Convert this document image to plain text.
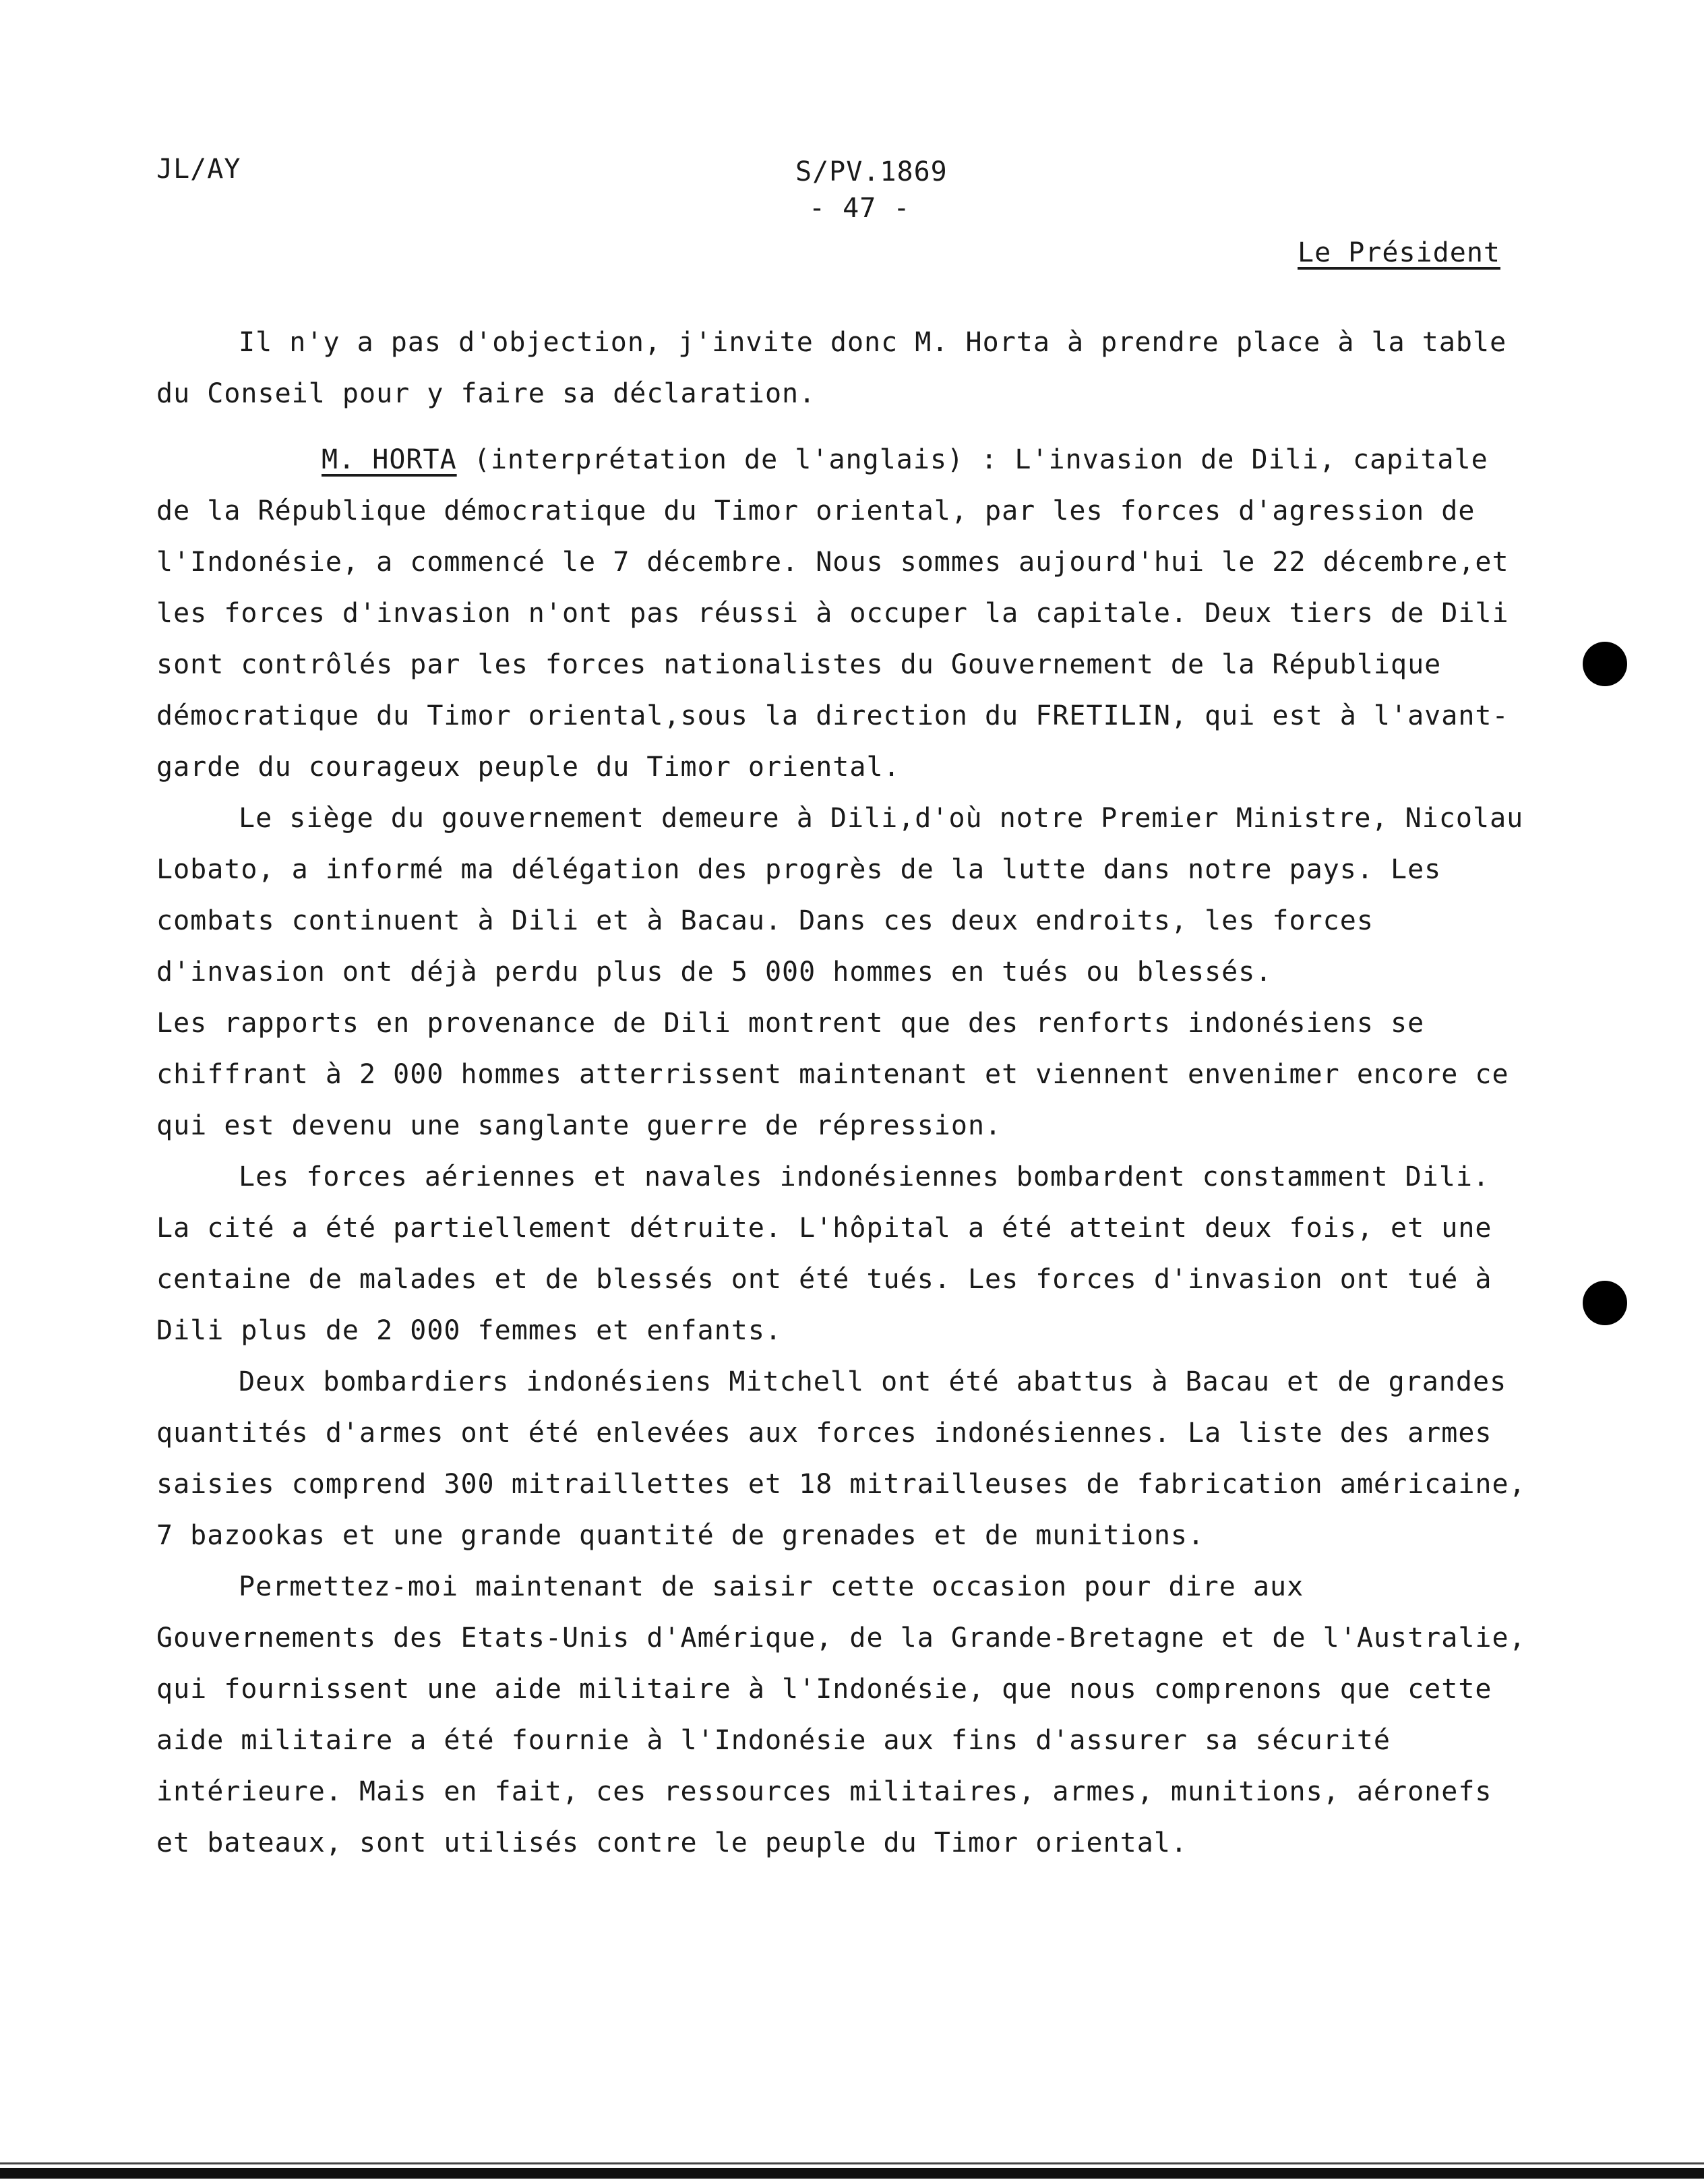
JL/AY	S/PV.1869
- 47 -
Le Président

Il n'y a pas d'objection, j'invite donc M. Horta à prendre place à la table du Conseil pour y faire sa déclaration.

M. HORTA (interprétation de l'anglais) : L'invasion de Dili, capitale de la République démocratique du Timor oriental, par les forces d'agression de l'Indonésie, a commencé le 7 décembre. Nous sommes aujourd'hui le 22 décembre,et les forces d'invasion n'ont pas réussi à occuper la capitale. Deux tiers de Dili sont contrôlés par les forces nationalistes du Gouvernement de la République démocratique du Timor oriental,sous la direction du FRETILIN, qui est à l'avant-garde du courageux peuple du Timor oriental.

Le siège du gouvernement demeure à Dili,d'où notre Premier Ministre, Nicolau Lobato, a informé ma délégation des progrès de la lutte dans notre pays. Les combats continuent à Dili et à Bacau. Dans ces deux endroits, les forces d'invasion ont déjà perdu plus de 5 000 hommes en tués ou blessés.

Les rapports en provenance de Dili montrent que des renforts indonésiens se chiffrant à 2 000 hommes atterrissent maintenant et viennent envenimer encore ce qui est devenu une sanglante guerre de répression.

Les forces aériennes et navales indonésiennes bombardent constamment Dili. La cité a été partiellement détruite. L'hôpital a été atteint deux fois, et une centaine de malades et de blessés ont été tués. Les forces d'invasion ont tué à Dili plus de 2 000 femmes et enfants.

Deux bombardiers indonésiens Mitchell ont été abattus à Bacau et de grandes quantités d'armes ont été enlevées aux forces indonésiennes. La liste des armes saisies comprend 300 mitraillettes et 18 mitrailleuses de fabrication américaine, 7 bazookas et une grande quantité de grenades et de munitions.

Permettez-moi maintenant de saisir cette occasion pour dire aux Gouvernements des Etats-Unis d'Amérique, de la Grande-Bretagne et de l'Australie, qui fournissent une aide militaire à l'Indonésie, que nous comprenons que cette aide militaire a été fournie à l'Indonésie aux fins d'assurer sa sécurité intérieure. Mais en fait, ces ressources militaires, armes, munitions, aéronefs et bateaux, sont utilisés contre le peuple du Timor oriental.
